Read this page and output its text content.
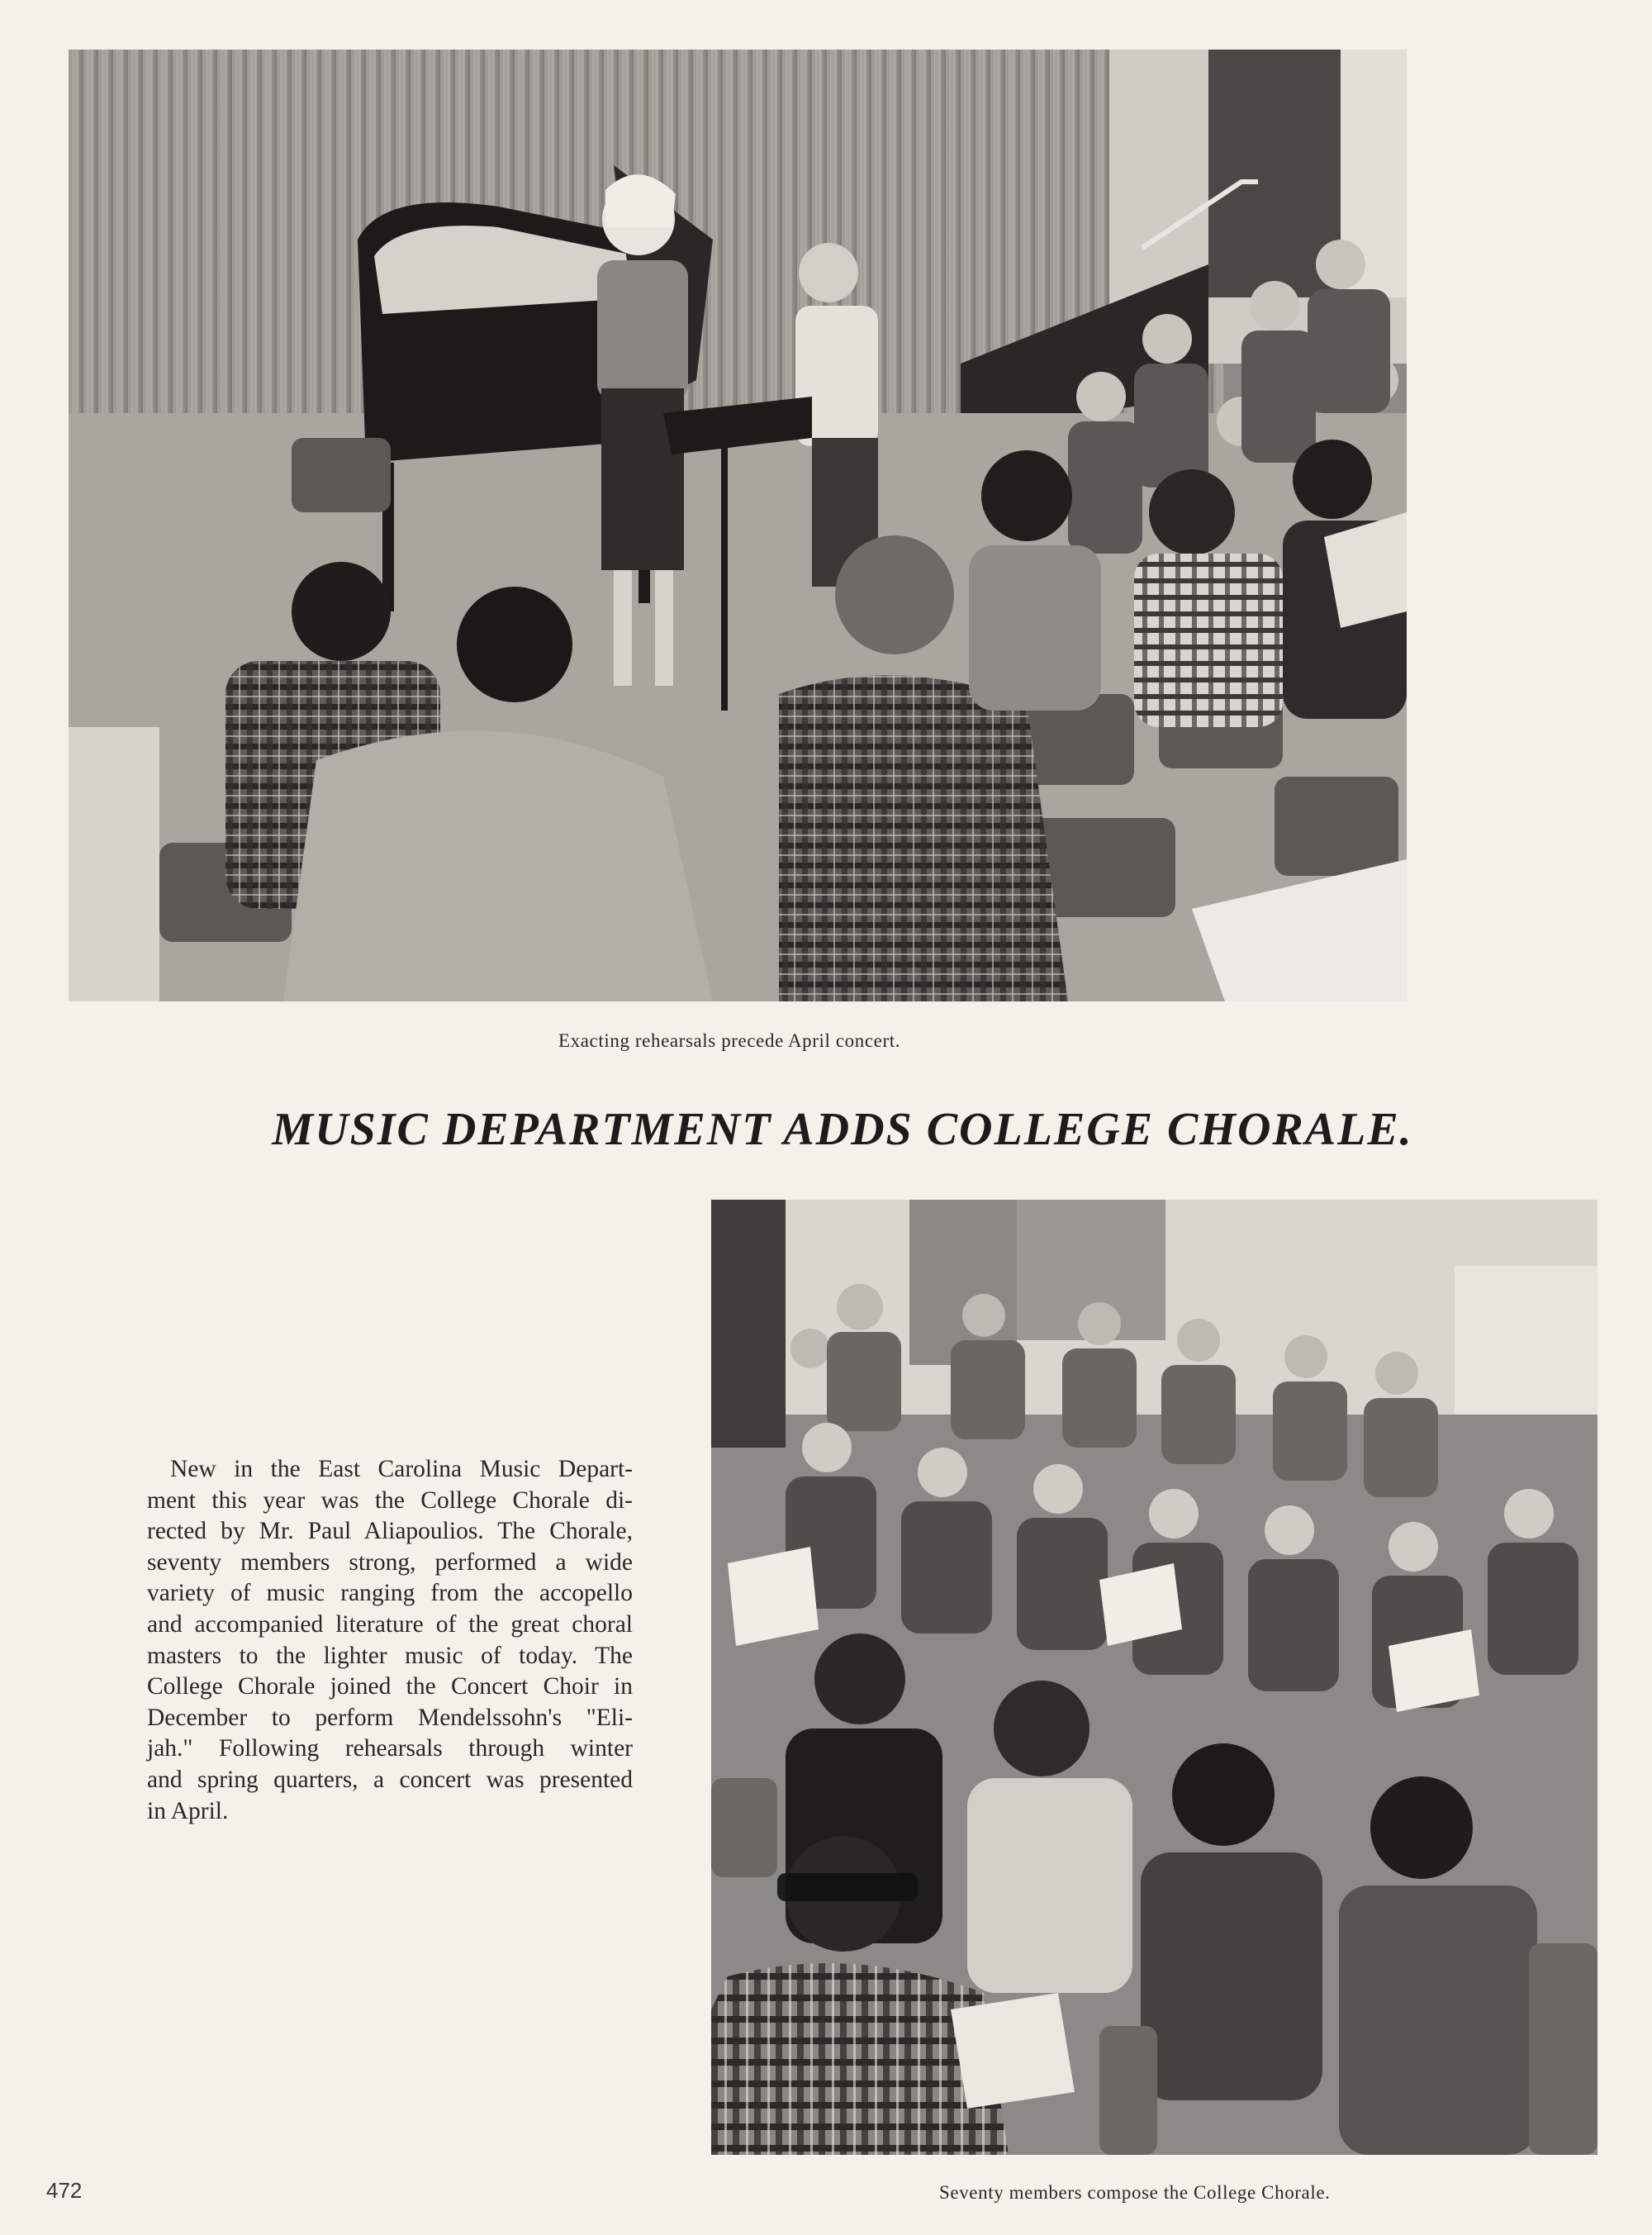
Exacting rehearsals precede April concert.
MUSIC DEPARTMENT ADDS COLLEGE CHORALE.
New in the East Carolina Music Depart-
ment this year was the College Chorale di-
rected by Mr. Paul Aliapoulios. The Chorale,
seventy members strong, performed a wide
variety of music ranging from the accopello
and accompanied literature of the great choral
masters to the lighter music of today. The
College Chorale joined the Concert Choir in
December to perform Mendelssohn's "Eli-
jah." Following rehearsals through winter
and spring quarters, a concert was presented
in April.
Seventy members compose the College Chorale.
472
